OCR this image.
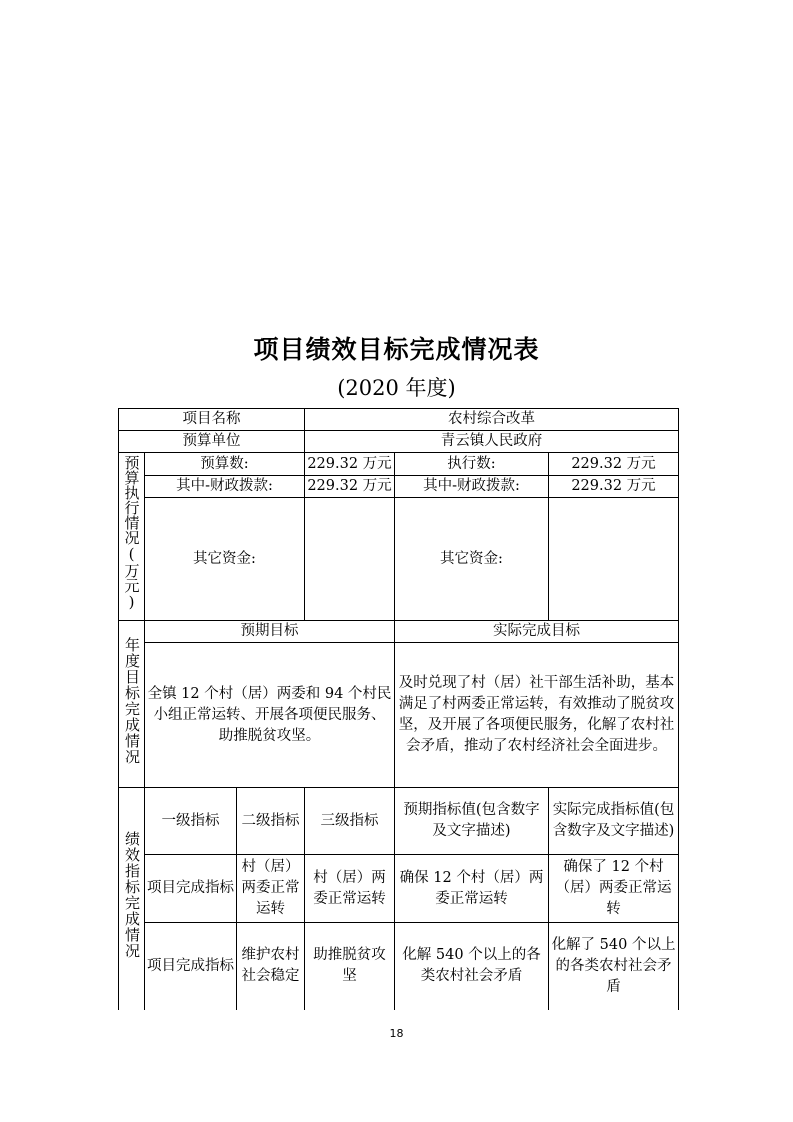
项目绩效目标完成情况表
(2020 年度)
项目名称			农村综合改革		
预算单位			青云镇人民政府		
预算执行情况(万元)	预算数:		229.32 万元	执行数:	229.32 万元
	其中-财政拨款:		229.32 万元	其中-财政拨款:	229.32 万元
	其它资金:			其它资金:	
年度目标完成情况	预期目标			实际完成目标	
	全镇 12 个村（居）两委和 94 个村民小组正常运转、开展各项便民服务、助推脱贫攻坚。			及时兑现了村（居）社干部生活补助，基本满足了村两委正常运转，有效推动了脱贫攻坚，及开展了各项便民服务，化解了农村社会矛盾，推动了农村经济社会全面进步。	
绩效指标完成情况	一级指标	二级指标	三级指标	预期指标值(包含数字及文字描述)	实际完成指标值(包含数字及文字描述)
	项目完成指标	村（居）两委正常运转	村（居）两委正常运转	确保 12 个村（居）两委正常运转	确保了 12 个村（居）两委正常运转
	项目完成指标	维护农村社会稳定	助推脱贫攻坚	化解 540 个以上的各类农村社会矛盾	化解了 540 个以上的各类农村社会矛盾
18
